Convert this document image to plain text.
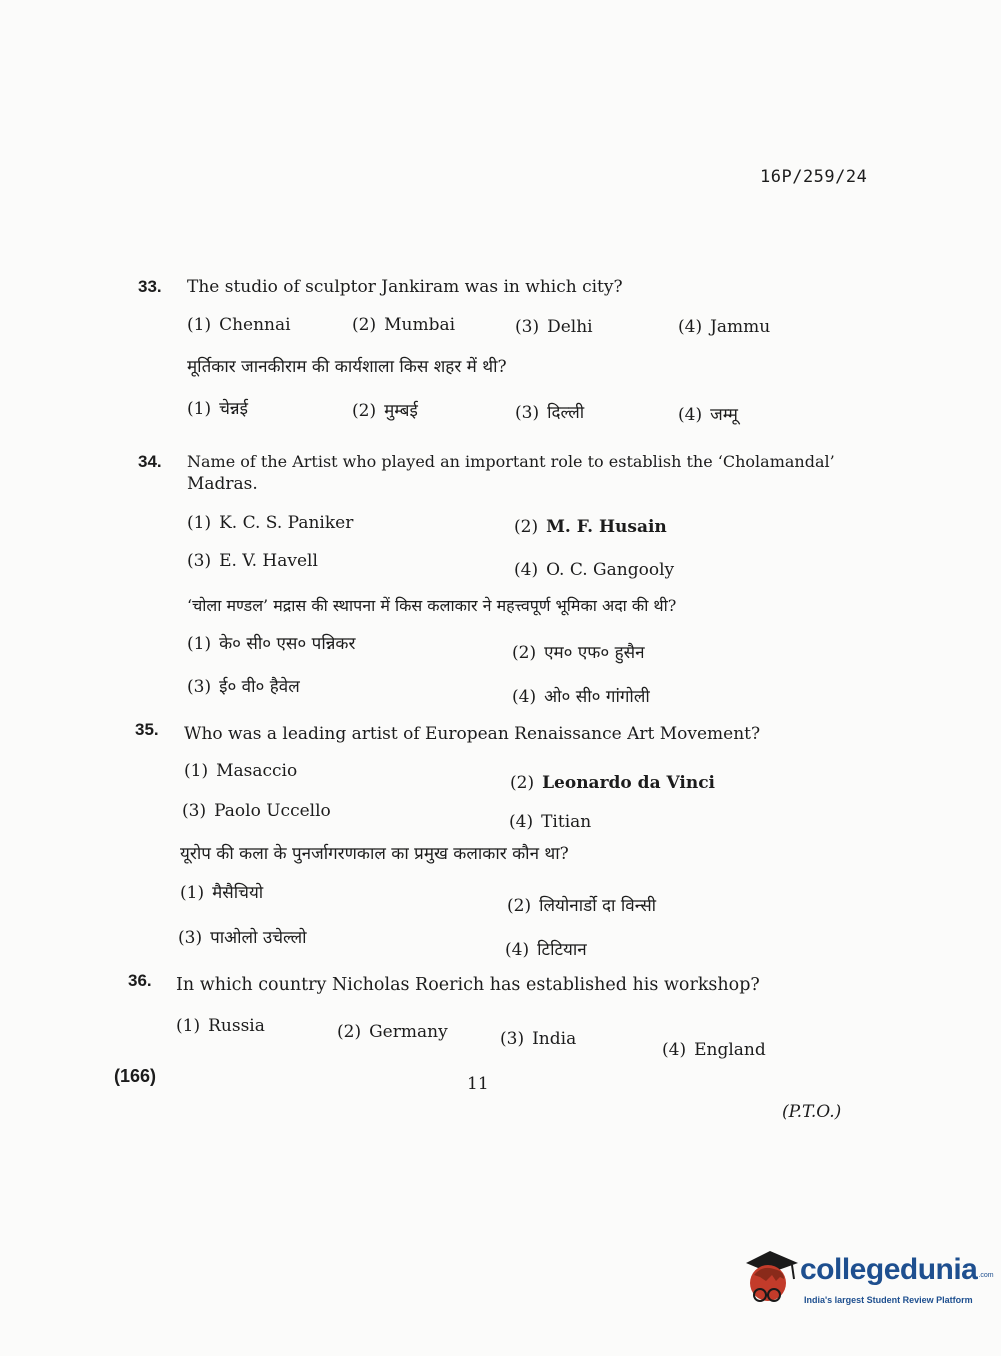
16P/259/24
33. The studio of sculptor Jankiram was in which city?
(1) Chennai	(2) Mumbai	(3) Delhi	(4) Jammu
मूर्तिकार जानकीराम की कार्यशाला किस शहर में थी?
(1) चेन्नई	(2) मुम्बई	(3) दिल्ली	(4) जम्मू
34. Name of the Artist who played an important role to establish the ‘Cholamandal’
Madras.
(1) K. C. S. Paniker	(2) M. F. Husain
(3) E. V. Havell	(4) O. C. Gangooly
‘चोला मण्डल’ मद्रास की स्थापना में किस कलाकार ने महत्त्वपूर्ण भूमिका अदा की थी?
(1) के० सी० एस० पन्निकर	(2) एम० एफ० हुसैन
(3) ई० वी० हैवेल	(4) ओ० सी० गांगोली
35. Who was a leading artist of European Renaissance Art Movement?
(1) Masaccio
(2) Leonardo da Vinci
(3) Paolo Uccello
(4) Titian
यूरोप की कला के पुनर्जागरणकाल का प्रमुख कलाकार कौन था?
(1) मैसैचियो
(2) लियोनार्डो दा विन्सी
(3) पाओलो उचेल्लो
(4) टिटियान
36. In which country Nicholas Roerich has established his workshop?
(1) Russia	(2) Germany	(3) India
(4) England
(166)	11
(P.T.O.)
collegedunia .com
India's largest Student Review Platform
